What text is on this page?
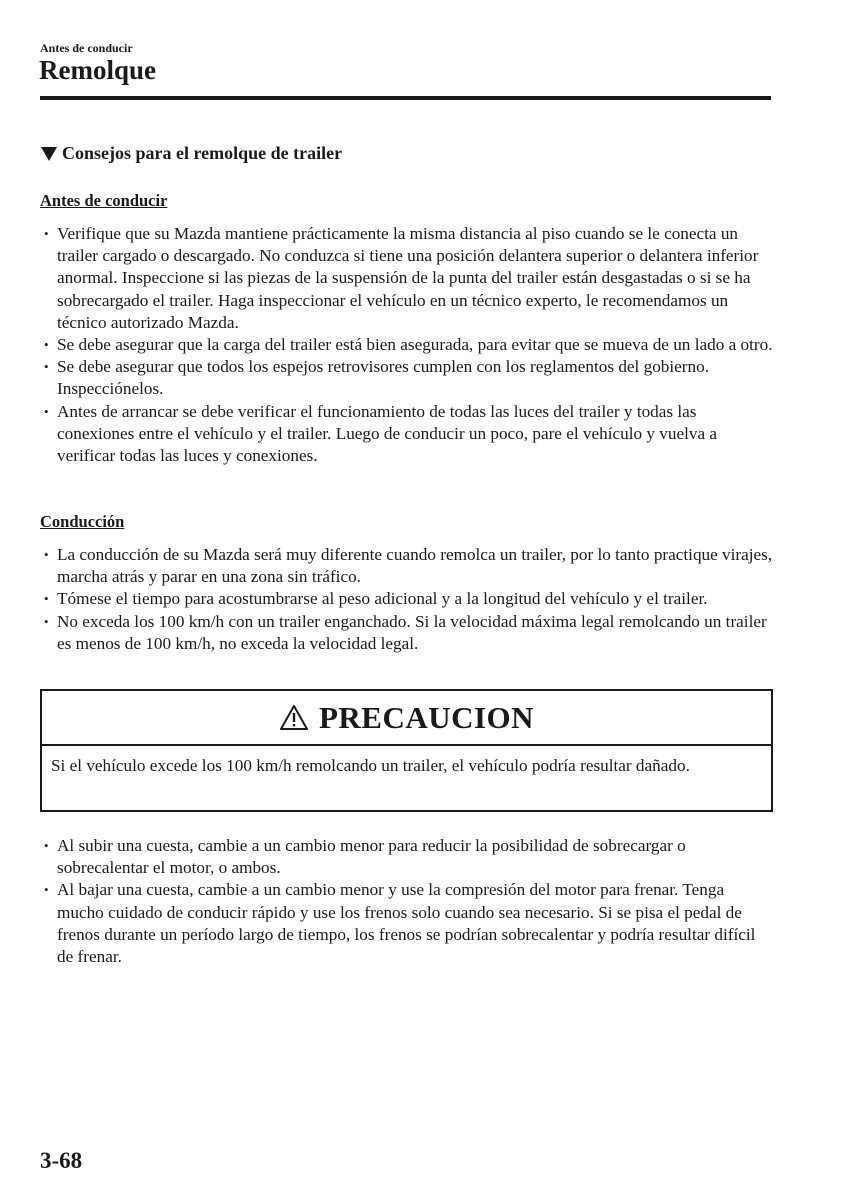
Antes de conducir
Remolque
Consejos para el remolque de trailer
Antes de conducir
• Verifique que su Mazda mantiene prácticamente la misma distancia al piso cuando se le conecta un trailer cargado o descargado. No conduzca si tiene una posición delantera superior o delantera inferior anormal. Inspeccione si las piezas de la suspensión de la punta del trailer están desgastadas o si se ha sobrecargado el trailer. Haga inspeccionar el vehículo en un técnico experto, le recomendamos un técnico autorizado Mazda.
• Se debe asegurar que la carga del trailer está bien asegurada, para evitar que se mueva de un lado a otro.
• Se debe asegurar que todos los espejos retrovisores cumplen con los reglamentos del gobierno. Inspecciónelos.
• Antes de arrancar se debe verificar el funcionamiento de todas las luces del trailer y todas las conexiones entre el vehículo y el trailer. Luego de conducir un poco, pare el vehículo y vuelva a verificar todas las luces y conexiones.
Conducción
• La conducción de su Mazda será muy diferente cuando remolca un trailer, por lo tanto practique virajes, marcha atrás y parar en una zona sin tráfico.
• Tómese el tiempo para acostumbrarse al peso adicional y a la longitud del vehículo y el trailer.
• No exceda los 100 km/h con un trailer enganchado. Si la velocidad máxima legal remolcando un trailer es menos de 100 km/h, no exceda la velocidad legal.
PRECAUCION
Si el vehículo excede los 100 km/h remolcando un trailer, el vehículo podría resultar dañado.
• Al subir una cuesta, cambie a un cambio menor para reducir la posibilidad de sobrecargar o sobrecalentar el motor, o ambos.
• Al bajar una cuesta, cambie a un cambio menor y use la compresión del motor para frenar. Tenga mucho cuidado de conducir rápido y use los frenos solo cuando sea necesario. Si se pisa el pedal de frenos durante un período largo de tiempo, los frenos se podrían sobrecalentar y podría resultar difícil de frenar.
3-68
